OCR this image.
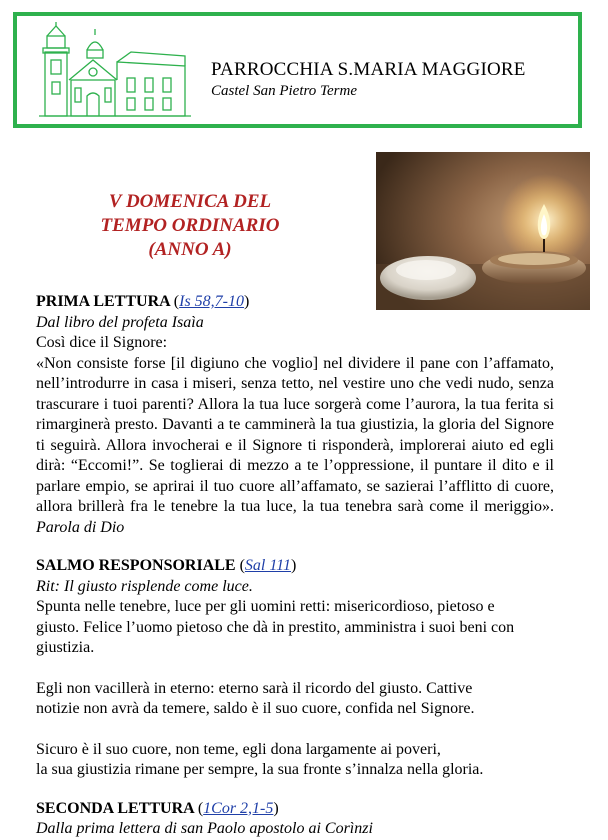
PARROCCHIA S.MARIA MAGGIORE
Castel San Pietro Terme
V DOMENICA DEL
TEMPO ORDINARIO
(ANNO A)
PRIMA LETTURA (Is 58,7-10)
Dal libro del profeta Isaìa
Così dice il Signore:
«Non consiste forse [il digiuno che voglio] nel dividere il pane con l’affamato, nell’introdurre in casa i miseri, senza tetto, nel vestire uno che vedi nudo, senza trascurare i tuoi parenti? Allora la tua luce sorgerà come l’aurora, la tua ferita si rimarginerà presto. Davanti a te camminerà la tua giustizia, la gloria del Signore ti seguirà. Allora invocherai e il Signore ti risponderà, implorerai aiuto ed egli dirà: “Eccomi!”. Se toglierai di mezzo a te l’oppressione, il puntare il dito e il parlare empio, se aprirai il tuo cuore all’affamato, se sazierai l’afflitto di cuore, allora brillerà fra le tenebre la tua luce, la tua tenebra sarà come il meriggio». Parola di Dio
SALMO RESPONSORIALE (Sal 111)
Rit: Il giusto risplende come luce.
Spunta nelle tenebre, luce per gli uomini retti: misericordioso, pietoso e
giusto. Felice l’uomo pietoso che dà in prestito, amministra i suoi beni con
giustizia.
Egli non vacillerà in eterno: eterno sarà il ricordo del giusto. Cattive
notizie non avrà da temere, saldo è il suo cuore, confida nel Signore.
Sicuro è il suo cuore, non teme, egli dona largamente ai poveri,
la sua giustizia rimane per sempre, la sua fronte s’innalza nella gloria.
SECONDA LETTURA (1Cor 2,1-5)
Dalla prima lettera di san Paolo apostolo ai Corìnzi
